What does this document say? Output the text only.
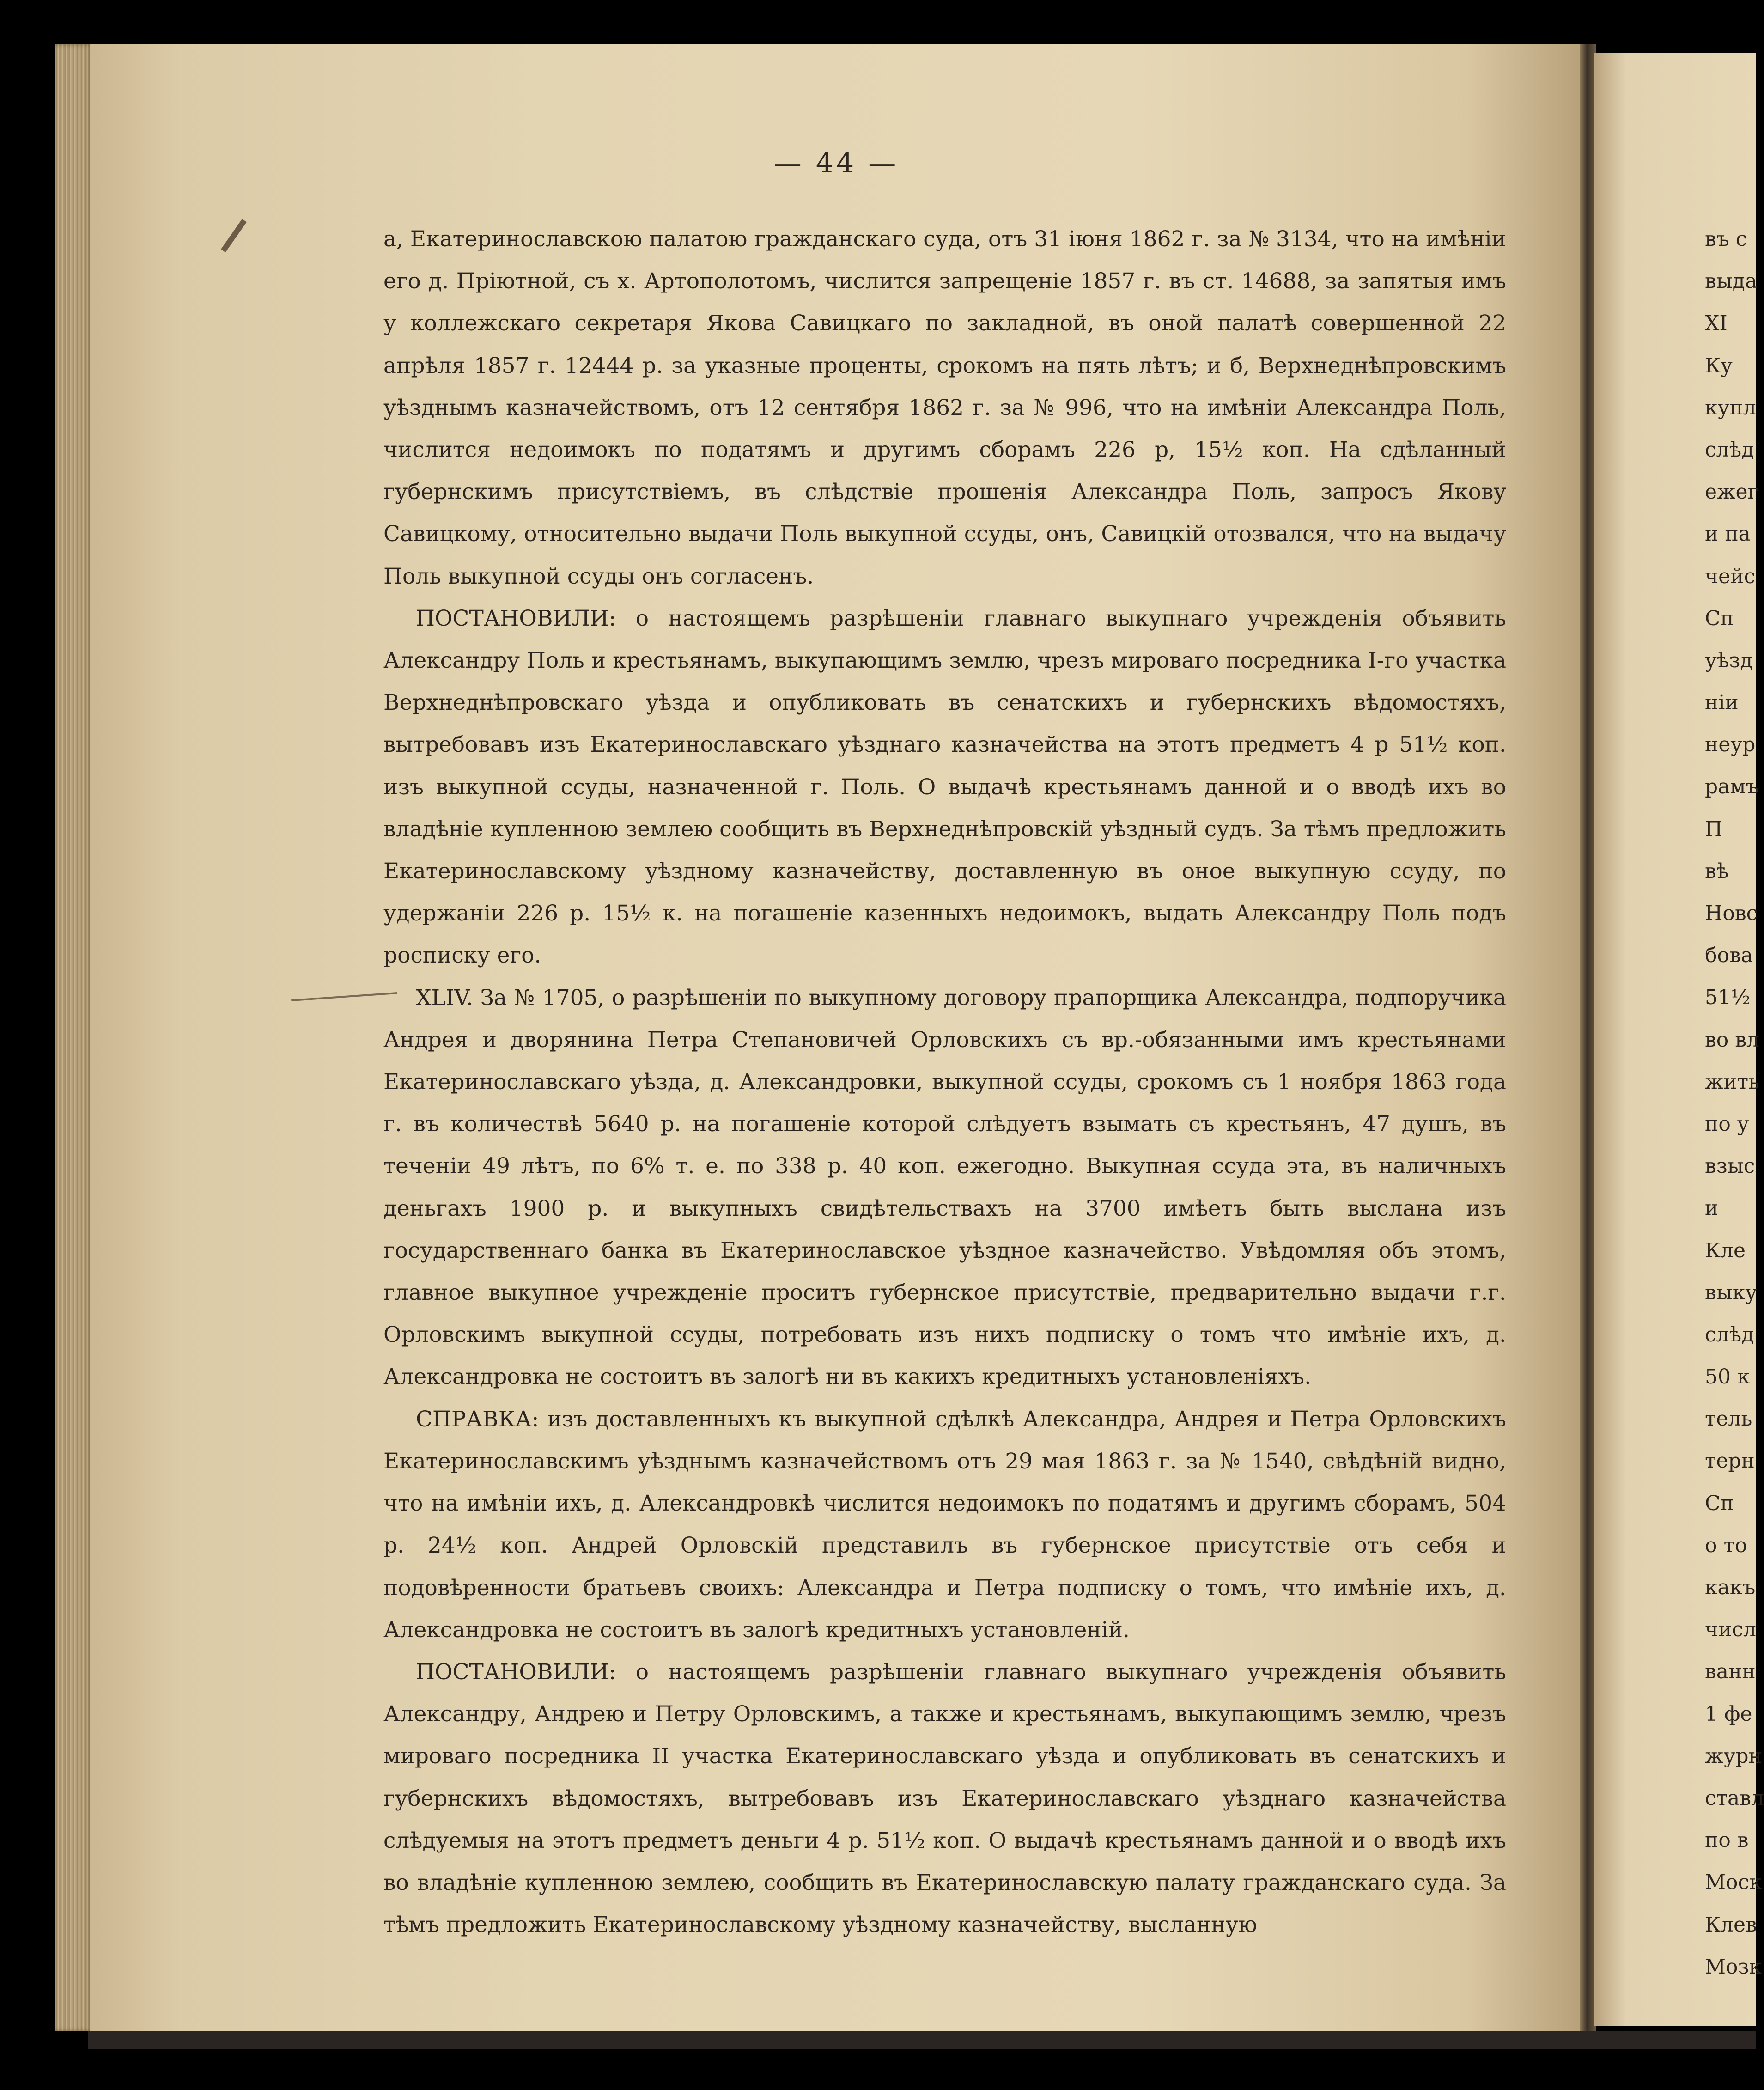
— 44 —

а, Екатеринославскою палатою гражданскаго суда, отъ 31 іюня 1862 г. за № 3134, что на имѣніи его д. Пріютной, съ х. Артополотомъ, числится запрещеніе 1857 г. въ ст. 14688, за запятыя имъ у коллежскаго секретаря Якова Савицкаго по закладной, въ оной палатѣ совершенной 22 апрѣля 1857 г. 12444 р. за указные проценты, срокомъ на пять лѣтъ; и б, Верхнеднѣпровскимъ уѣзднымъ казначействомъ, отъ 12 сентября 1862 г. за № 996, что на имѣніи Александра Поль, числится недоимокъ по податямъ и другимъ сборамъ 226 р, 15½ коп. На сдѣланный губернскимъ присутствіемъ, въ слѣдствіе прошенія Александра Поль, запросъ Якову Савицкому, относительно выдачи Поль выкупной ссуды, онъ, Савицкій отозвался, что на выдачу Поль выкупной ссуды онъ согласенъ.

ПОСТАНОВИЛИ: о настоящемъ разрѣшеніи главнаго выкупнаго учрежденія объявить Александру Поль и крестьянамъ, выкупающимъ землю, чрезъ мироваго посредника I-го участка Верхнеднѣпровскаго уѣзда и опубликовать въ сенатскихъ и губернскихъ вѣдомостяхъ, вытребовавъ изъ Екатеринославскаго уѣзднаго казначейства на этотъ предметъ 4 р 51½ коп. изъ выкупной ссуды, назначенной г. Поль. О выдачѣ крестьянамъ данной и о вводѣ ихъ во владѣніе купленною землею сообщить въ Верхнеднѣпровскій уѣздный судъ. За тѣмъ предложить Екатеринославскому уѣздному казначейству, доставленную въ оное выкупную ссуду, по удержаніи 226 р. 15½ к. на погашеніе казенныхъ недоимокъ, выдать Александру Поль подъ росписку его.

XLIV. За № 1705, о разрѣшеніи по выкупному договору прапорщика Александра, подпоручика Андрея и дворянина Петра Степановичей Орловскихъ съ вр.-обязанными имъ крестьянами Екатеринославскаго уѣзда, д. Александровки, выкупной ссуды, срокомъ съ 1 ноября 1863 года г. въ количествѣ 5640 р. на погашеніе которой слѣдуетъ взымать съ крестьянъ, 47 душъ, въ теченіи 49 лѣтъ, по 6% т. е. по 338 р. 40 коп. ежегодно. Выкупная ссуда эта, въ наличныхъ деньгахъ 1900 р. и выкупныхъ свидѣтельствахъ на 3700 имѣетъ быть выслана изъ государственнаго банка въ Екатеринославское уѣздное казначейство. Увѣдомляя объ этомъ, главное выкупное учрежденіе проситъ губернское присутствіе, предварительно выдачи г.г. Орловскимъ выкупной ссуды, потребовать изъ нихъ подписку о томъ что имѣніе ихъ, д. Александровка не состоитъ въ залогѣ ни въ какихъ кредитныхъ установленіяхъ.

СПРАВКА: изъ доставленныхъ къ выкупной сдѣлкѣ Александра, Андрея и Петра Орловскихъ Екатеринославскимъ уѣзднымъ казначействомъ отъ 29 мая 1863 г. за № 1540, свѣдѣній видно, что на имѣніи ихъ, д. Александровкѣ числится недоимокъ по податямъ и другимъ сборамъ, 504 р. 24½ коп. Андрей Орловскій представилъ въ губернское присутствіе отъ себя и подовѣренности братьевъ своихъ: Александра и Петра подписку о томъ, что имѣніе ихъ, д. Александровка не состоитъ въ залогѣ кредитныхъ установленій.

ПОСТАНОВИЛИ: о настоящемъ разрѣшеніи главнаго выкупнаго учрежденія объявить Александру, Андрею и Петру Орловскимъ, а также и крестьянамъ, выкупающимъ землю, чрезъ мироваго посредника II участка Екатеринославскаго уѣзда и опубликовать въ сенатскихъ и губернскихъ вѣдомостяхъ, вытребовавъ изъ Екатеринославскаго уѣзднаго казначейства слѣдуемыя на этотъ предметъ деньги 4 р. 51½ коп. О выдачѣ крестьянамъ данной и о вводѣ ихъ во владѣніе купленною землею, сообщить въ Екатеринославскую палату гражданскаго суда. За тѣмъ предложить Екатеринославскому уѣздному казначейству, высланную

въ с
выда
XI
Ку
купл
слѣд
ежег
и па
чейс
Сп
уѣзд
ніи
неур
рамъ
П
вѣ
Новс
бова
51½
во вл
жить
по у
взыс
и
Кле
выку
слѣд
50 к
тель
терн
Сп
о то
какъ
числ
ванн
1 фе
журн
ставл
по в
Моск
Клев
Мозк
